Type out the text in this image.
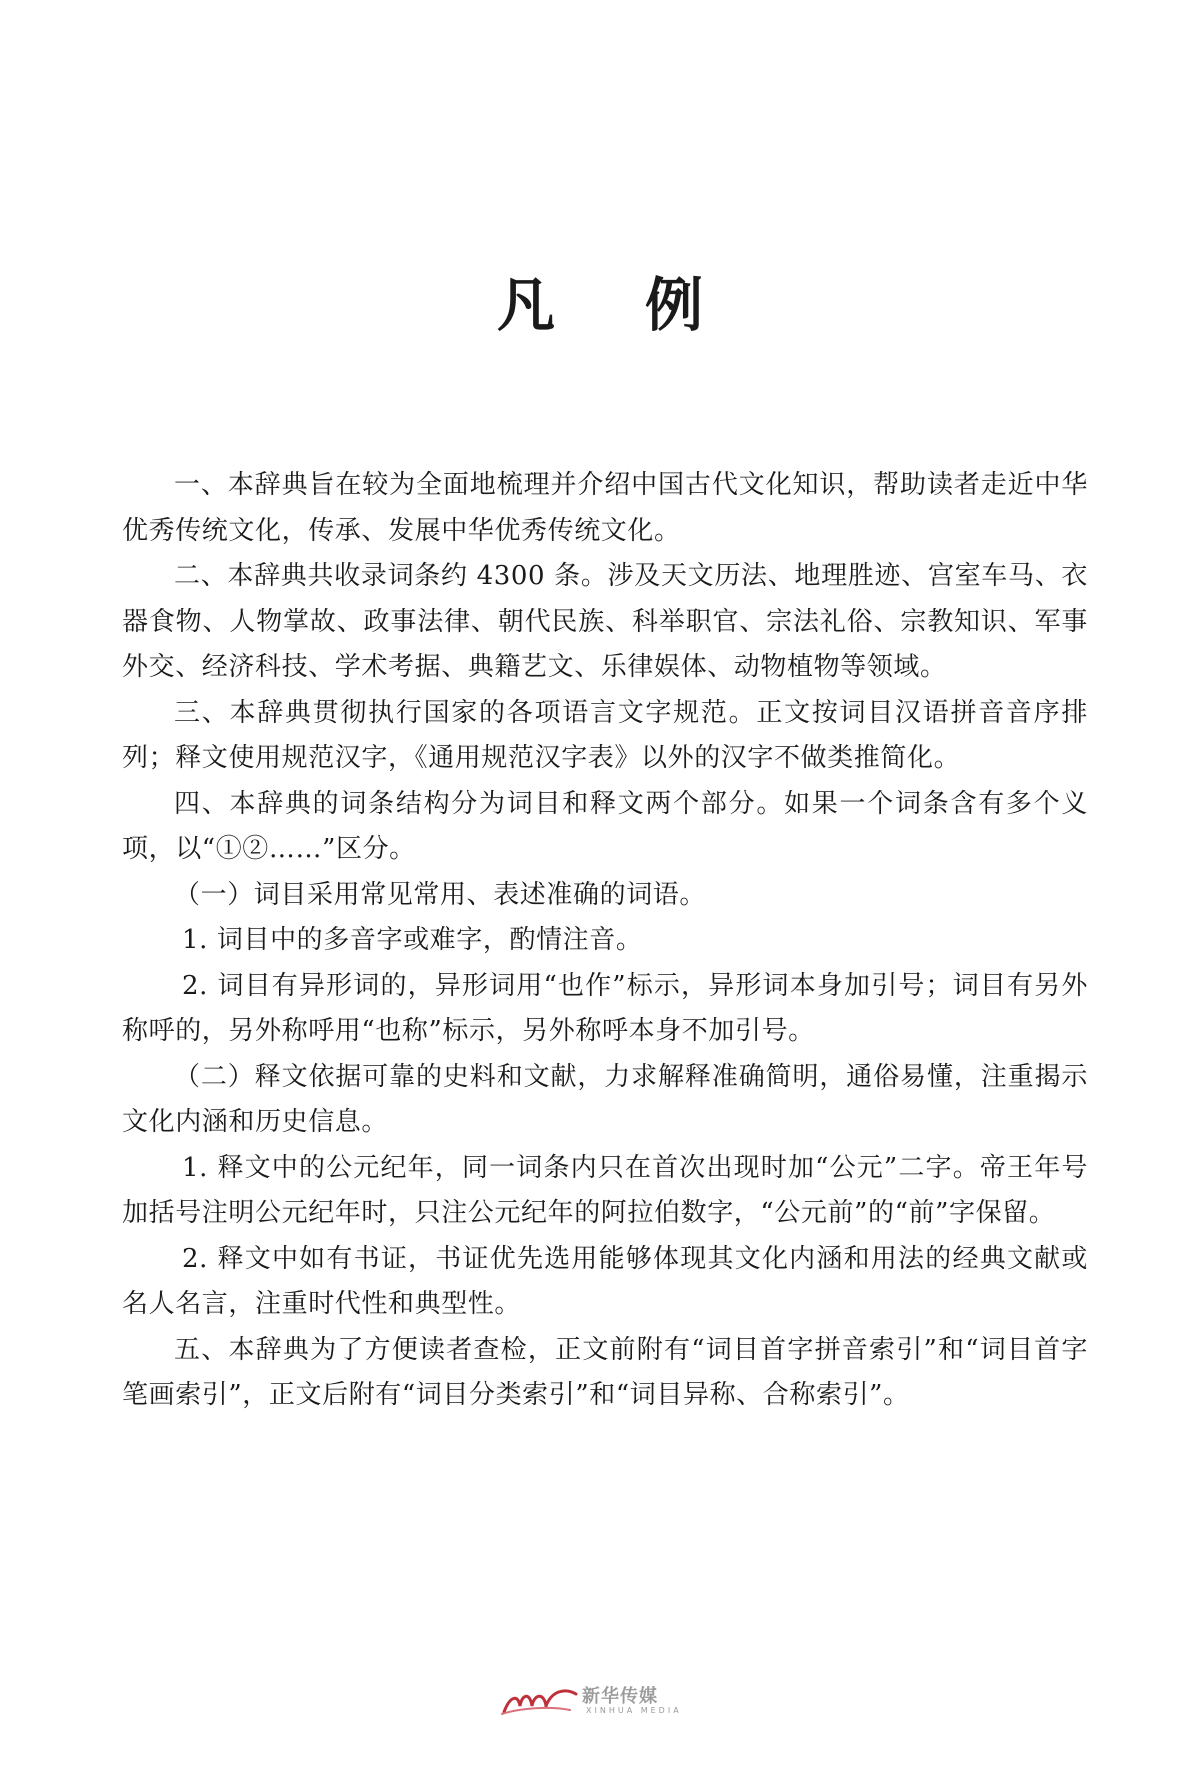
凡 例

一、本辞典旨在较为全面地梳理并介绍中国古代文化知识，帮助读者走近中华优秀传统文化，传承、发展中华优秀传统文化。

二、本辞典共收录词条约 4300 条。涉及天文历法、地理胜迹、宫室车马、衣器食物、人物掌故、政事法律、朝代民族、科举职官、宗法礼俗、宗教知识、军事外交、经济科技、学术考据、典籍艺文、乐律娱体、动物植物等领域。

三、本辞典贯彻执行国家的各项语言文字规范。正文按词目汉语拼音音序排列；释文使用规范汉字，《通用规范汉字表》以外的汉字不做类推简化。

四、本辞典的词条结构分为词目和释文两个部分。如果一个词条含有多个义项，以“①②……”区分。

（一）词目采用常见常用、表述准确的词语。

1. 词目中的多音字或难字，酌情注音。

2. 词目有异形词的，异形词用“也作”标示，异形词本身加引号；词目有另外称呼的，另外称呼用“也称”标示，另外称呼本身不加引号。

（二）释文依据可靠的史料和文献，力求解释准确简明，通俗易懂，注重揭示文化内涵和历史信息。

1. 释文中的公元纪年，同一词条内只在首次出现时加“公元”二字。帝王年号加括号注明公元纪年时，只注公元纪年的阿拉伯数字，“公元前”的“前”字保留。

2. 释文中如有书证，书证优先选用能够体现其文化内涵和用法的经典文献或名人名言，注重时代性和典型性。

五、本辞典为了方便读者查检，正文前附有“词目首字拼音索引”和“词目首字笔画索引”，正文后附有“词目分类索引”和“词目异称、合称索引”。

新华传媒
XINHUA MEDIA
